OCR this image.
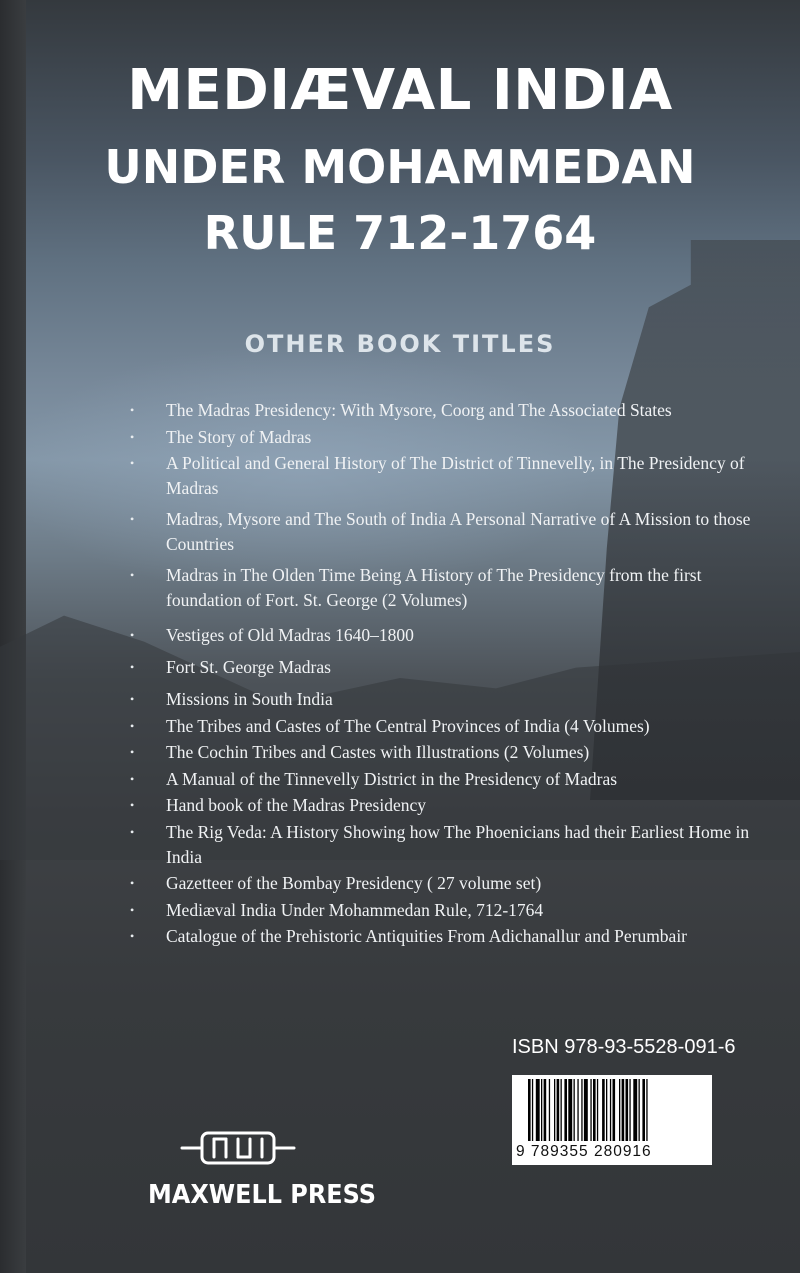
MEDIÆVAL INDIA
UNDER MOHAMMEDAN
RULE 712-1764
OTHER BOOK TITLES
• The Madras Presidency: With Mysore, Coorg and The Associated States
• The Story of Madras
• A Political and General History of The District of Tinnevelly, in The Presidency of Madras
• Madras, Mysore and The South of India A Personal Narrative of A Mission to those Countries
• Madras in The Olden Time Being A History of The Presidency from the first foundation of Fort. St. George (2 Volumes)
• Vestiges of Old Madras 1640–1800
• Fort St. George Madras
• Missions in South India
• The Tribes and Castes of The Central Provinces of India (4 Volumes)
• The Cochin Tribes and Castes with Illustrations (2 Volumes)
• A Manual of the Tinnevelly District in the Presidency of Madras
• Hand book of the Madras Presidency
• The Rig Veda: A History Showing how The Phoenicians had their Earliest Home in India
• Gazetteer of the Bombay Presidency ( 27 volume set)
• Mediæval India Under Mohammedan Rule, 712-1764
• Catalogue of the Prehistoric Antiquities From Adichanallur and Perumbair

ISBN 978-93-5528-091-6

9 789355 280916

MAXWELL PRESS
